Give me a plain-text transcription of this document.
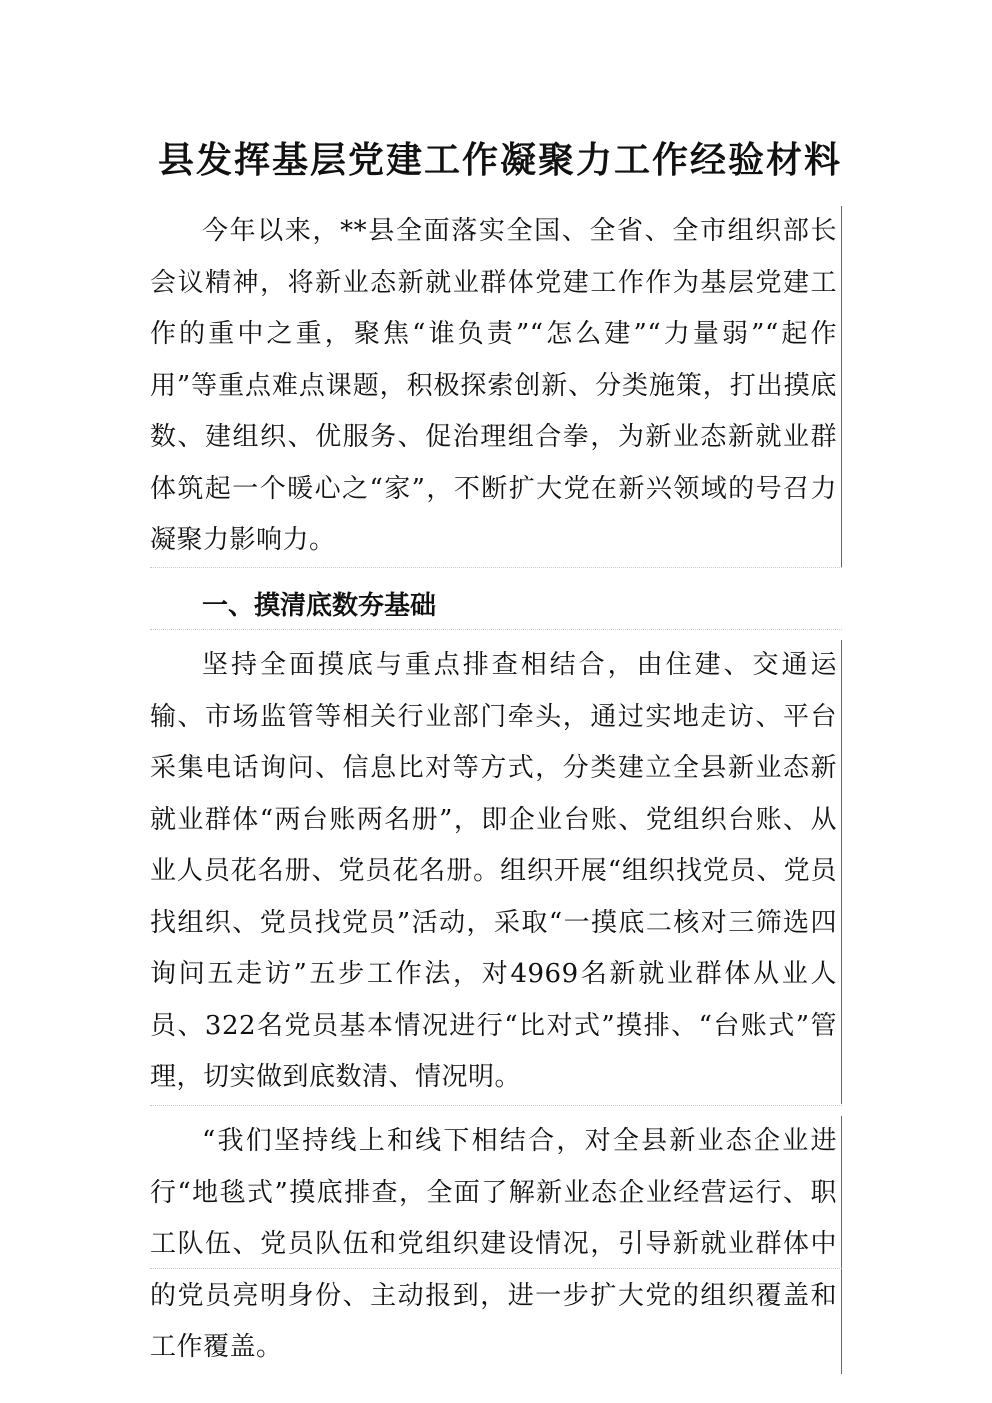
县发挥基层党建工作凝聚力工作经验材料
今年以来，**县全面落实全国、全省、全市组织部长会议精神，将新业态新就业群体党建工作作为基层党建工作的重中之重，聚焦“谁负责”“怎么建”“力量弱”“起作用”等重点难点课题，积极探索创新、分类施策，打出摸底数、建组织、优服务、促治理组合拳，为新业态新就业群体筑起一个暖心之“家”，不断扩大党在新兴领域的号召力凝聚力影响力。
一、摸清底数夯基础
坚持全面摸底与重点排查相结合，由住建、交通运输、市场监管等相关行业部门牵头，通过实地走访、平台采集电话询问、信息比对等方式，分类建立全县新业态新就业群体“两台账两名册”，即企业台账、党组织台账、从业人员花名册、党员花名册。组织开展“组织找党员、党员找组织、党员找党员”活动，采取“一摸底二核对三筛选四询问五走访”五步工作法，对4969名新就业群体从业人员、322名党员基本情况进行“比对式”摸排、“台账式”管理，切实做到底数清、情况明。
“我们坚持线上和线下相结合，对全县新业态企业进行“地毯式”摸底排查，全面了解新业态企业经营运行、职工队伍、党员队伍和党组织建设情况，引导新就业群体中的党员亮明身份、主动报到，进一步扩大党的组织覆盖和工作覆盖。
